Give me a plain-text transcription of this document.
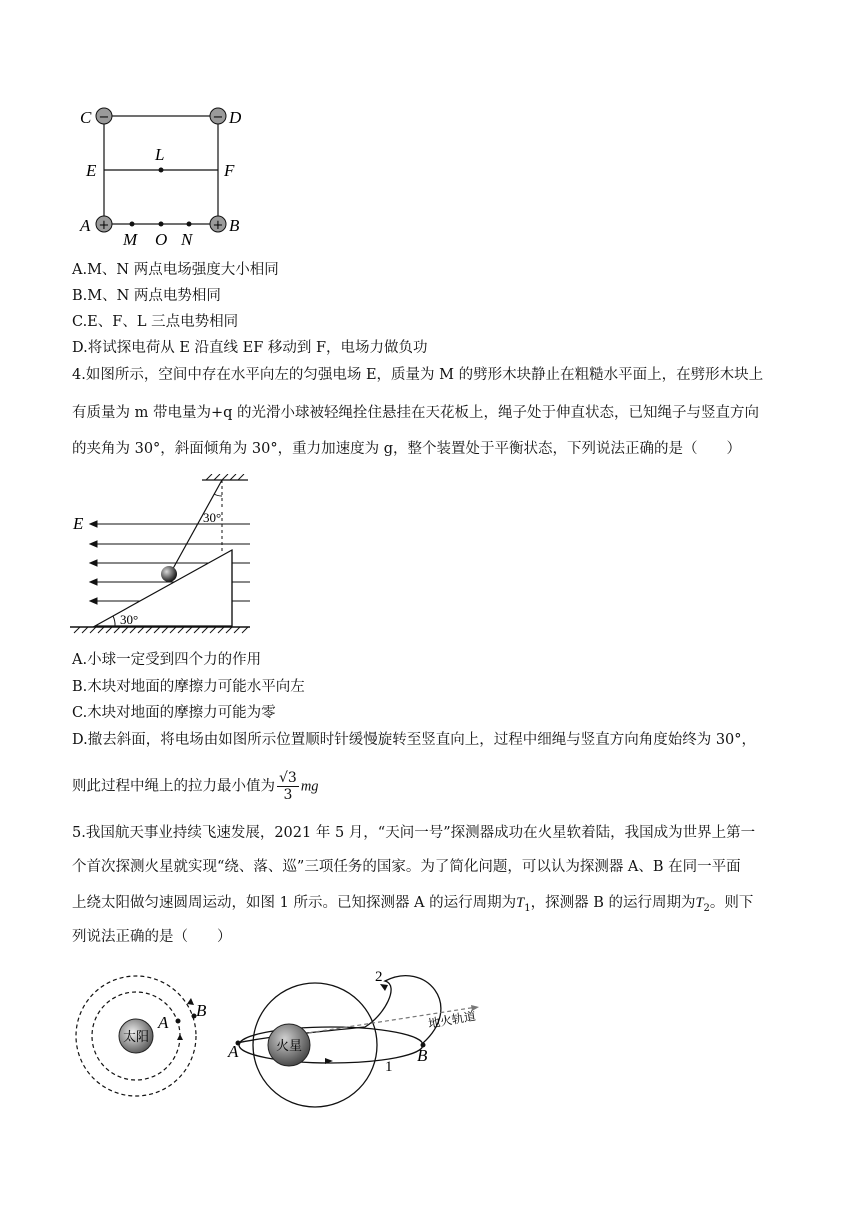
−	−
+	+
C	D
E	F
L
A	B
M O N
A.M、N 两点电场强度大小相同
B.M、N 两点电势相同
C.E、F、L 三点电势相同
D.将试探电荷从 E 沿直线 EF 移动到 F，电场力做负功
4.如图所示，空间中存在水平向左的匀强电场 E，质量为 M 的劈形木块静止在粗糙水平面上，在劈形木块上
有质量为 m 带电量为+q 的光滑小球被轻绳拴住悬挂在天花板上，绳子处于伸直状态，已知绳子与竖直方向
的夹角为 30°，斜面倾角为 30°，重力加速度为 g，整个装置处于平衡状态，下列说法正确的是（　　）
E	30°
30°
A.小球一定受到四个力的作用
B.木块对地面的摩擦力可能水平向左
C.木块对地面的摩擦力可能为零
D.撤去斜面，将电场由如图所示位置顺时针缓慢旋转至竖直向上，过程中细绳与竖直方向角度始终为 30°，
则此过程中绳上的拉力最小值为 $\frac{√3}{3}$ mg
5.我国航天事业持续飞速发展，2021 年 5 月，“天问一号”探测器成功在火星软着陆，我国成为世界上第一
个首次探测火星就实现“绕、落、巡”三项任务的国家。为了简化问题，可以认为探测器 A、B 在同一平面
上绕太阳做匀速圆周运动，如图 1 所示。已知探测器 A 的运行周期为$T_1$，探测器 B 的运行周期为$T_2$。则下
列说法正确的是（　　）
太阳
A
B
火星
A	B
1
2
地火轨道
